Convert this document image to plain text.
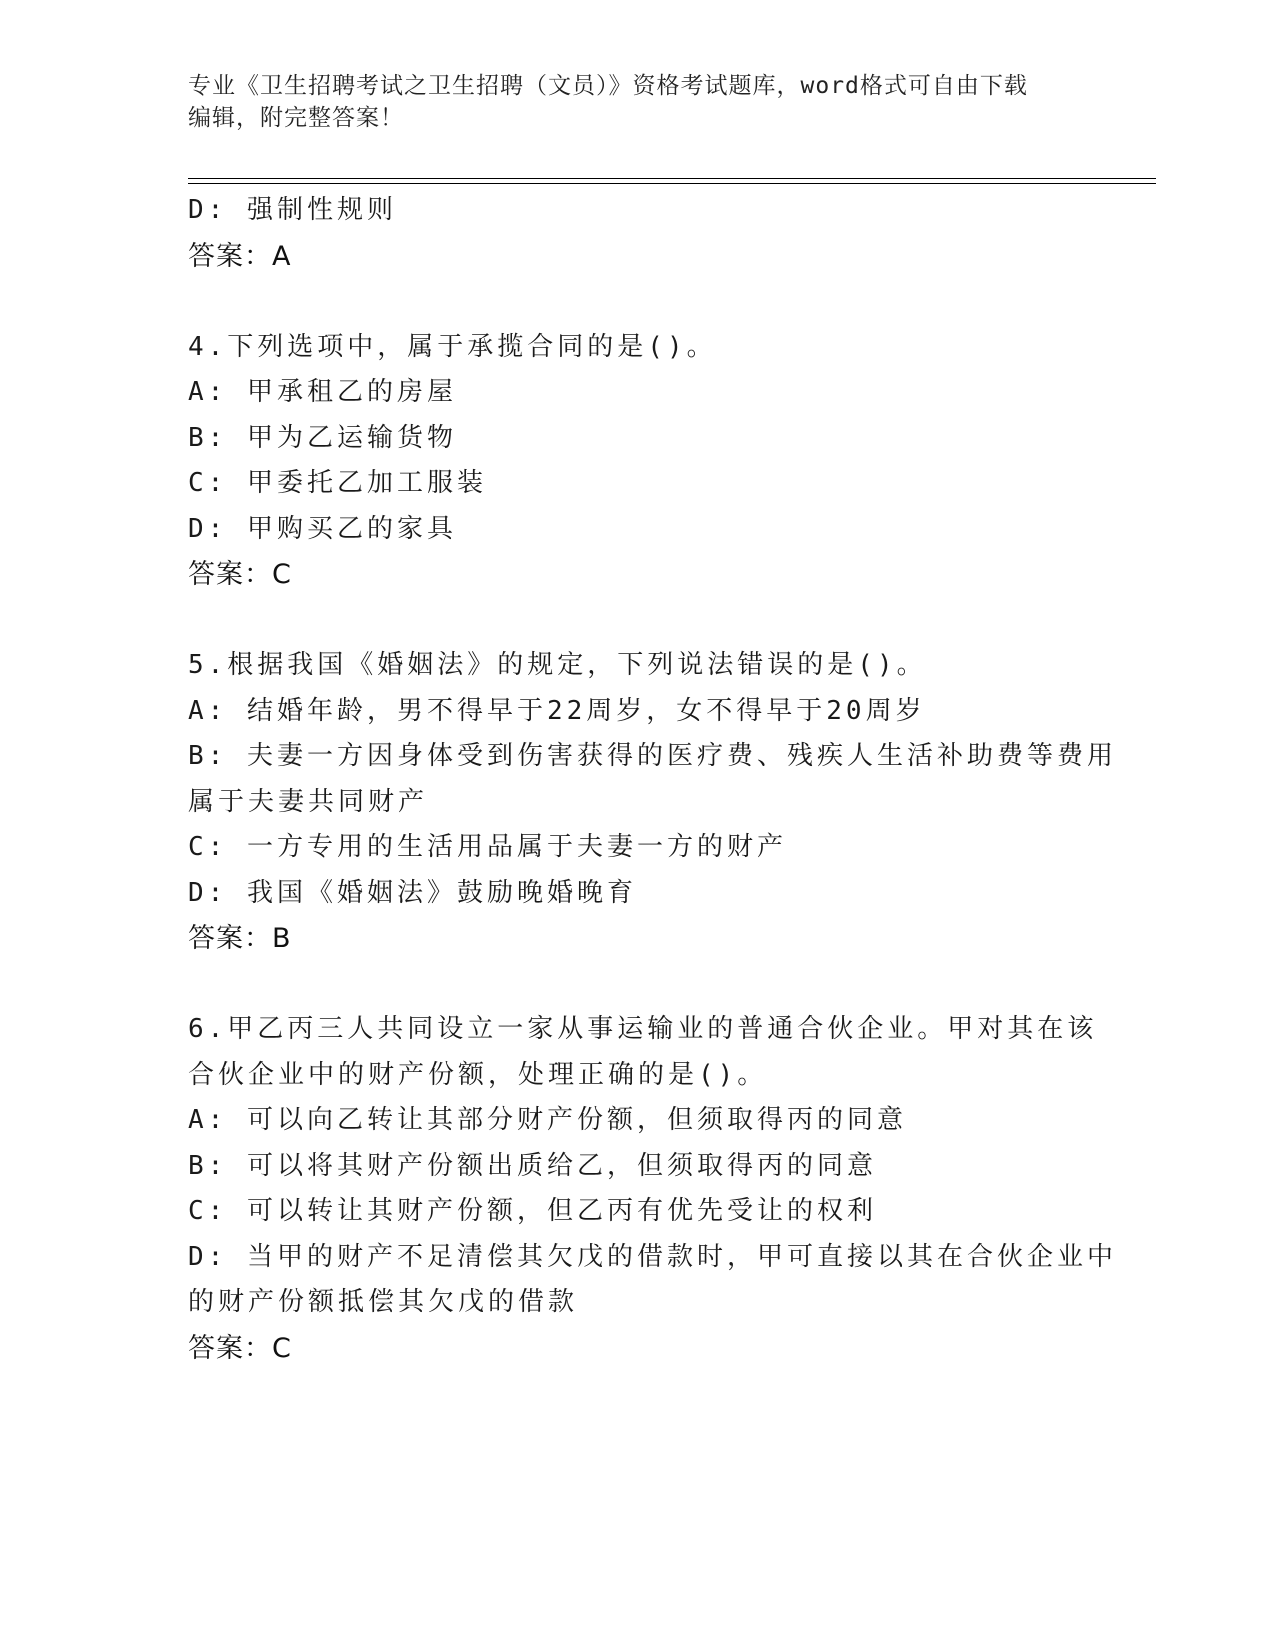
专业《卫生招聘考试之卫生招聘（文员）》资格考试题库，word格式可自由下载
编辑，附完整答案！
D: 强制性规则
答案：A
4.下列选项中，属于承揽合同的是()。
A: 甲承租乙的房屋
B: 甲为乙运输货物
C: 甲委托乙加工服装
D: 甲购买乙的家具
答案：C
5.根据我国《婚姻法》的规定，下列说法错误的是()。
A: 结婚年龄，男不得早于22周岁，女不得早于20周岁
B: 夫妻一方因身体受到伤害获得的医疗费、残疾人生活补助费等费用
属于夫妻共同财产
C: 一方专用的生活用品属于夫妻一方的财产
D: 我国《婚姻法》鼓励晚婚晚育
答案：B
6.甲乙丙三人共同设立一家从事运输业的普通合伙企业。甲对其在该
合伙企业中的财产份额，处理正确的是()。
A: 可以向乙转让其部分财产份额，但须取得丙的同意
B: 可以将其财产份额出质给乙，但须取得丙的同意
C: 可以转让其财产份额，但乙丙有优先受让的权利
D: 当甲的财产不足清偿其欠戊的借款时，甲可直接以其在合伙企业中
的财产份额抵偿其欠戊的借款
答案：C
